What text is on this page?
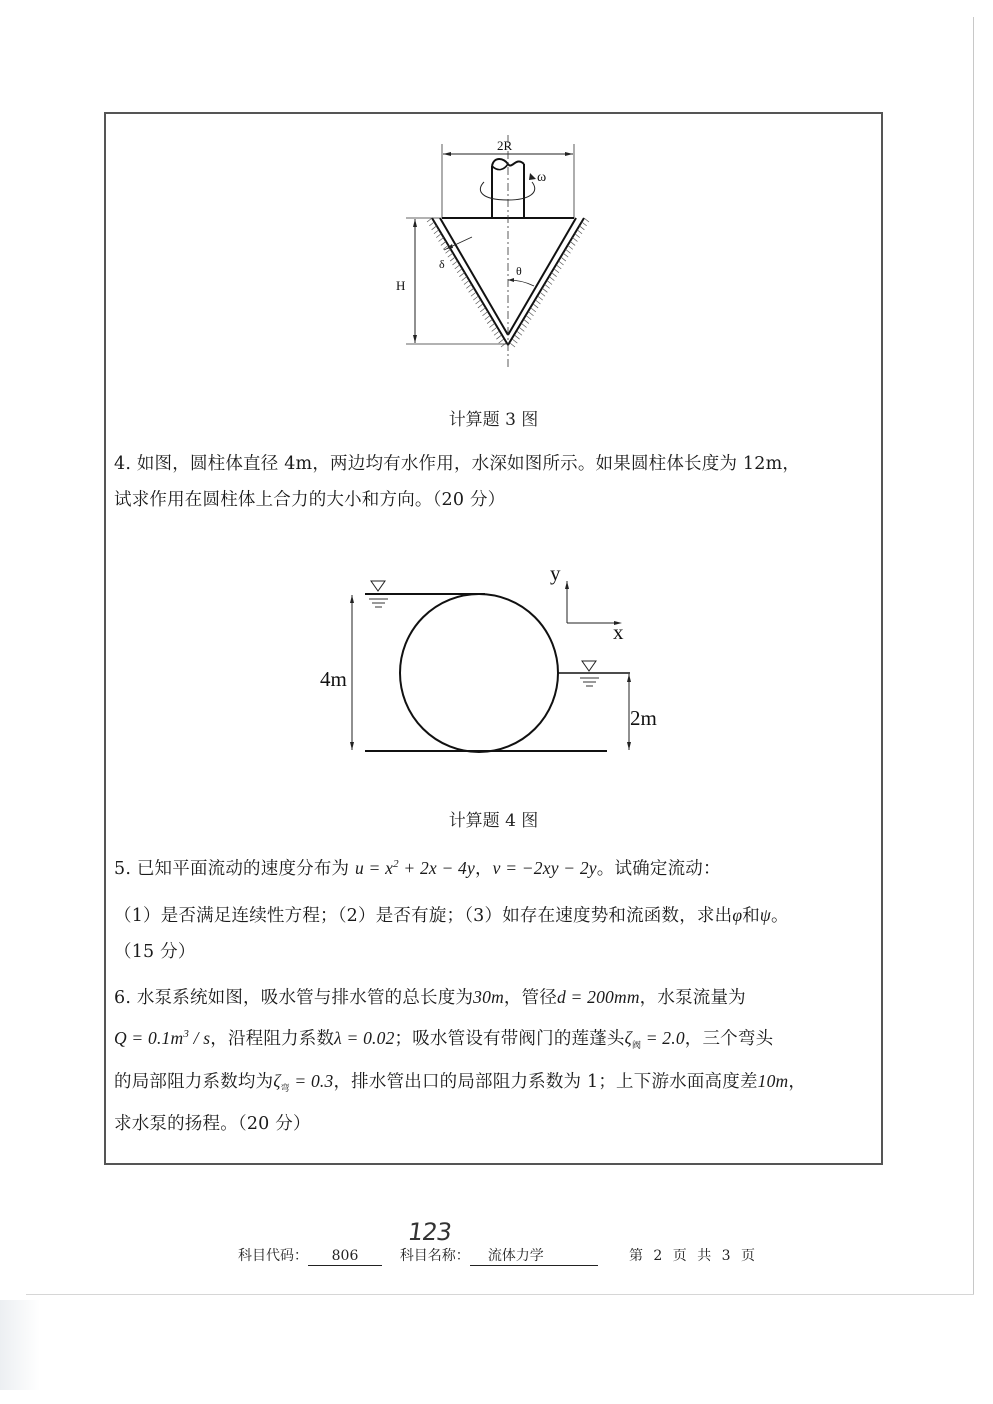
2R
ω
H
δ	θ
计算题 3 图
4. 如图，圆柱体直径 4m，两边均有水作用，水深如图所示。如果圆柱体长度为 12m，
试求作用在圆柱体上合力的大小和方向。（20 分）
4m
2m
y
x
计算题 4 图
5. 已知平面流动的速度分布为 $u = x^2 + 2x - 4y$，v = −2xy − 2y。试确定流动：
（1）是否满足连续性方程；（2）是否有旋；（3）如存在速度势和流函数，求出φ和ψ。
（15 分）
6. 水泵系统如图，吸水管与排水管的总长度为30m，管径d = 200mm，水泵流量为
$Q = 0.1m^3 / s$，沿程阻力系数λ = 0.02；吸水管设有带阀门的莲蓬头$\zeta_阀 = 2.0$，三个弯头
的局部阻力系数均为$\zeta_弯 = 0.3$，排水管出口的局部阻力系数为 1；上下游水面高度差10m，
求水泵的扬程。（20 分）
123
科目代码： 806	科目名称： 流体力学	第 2 页 共 3 页
